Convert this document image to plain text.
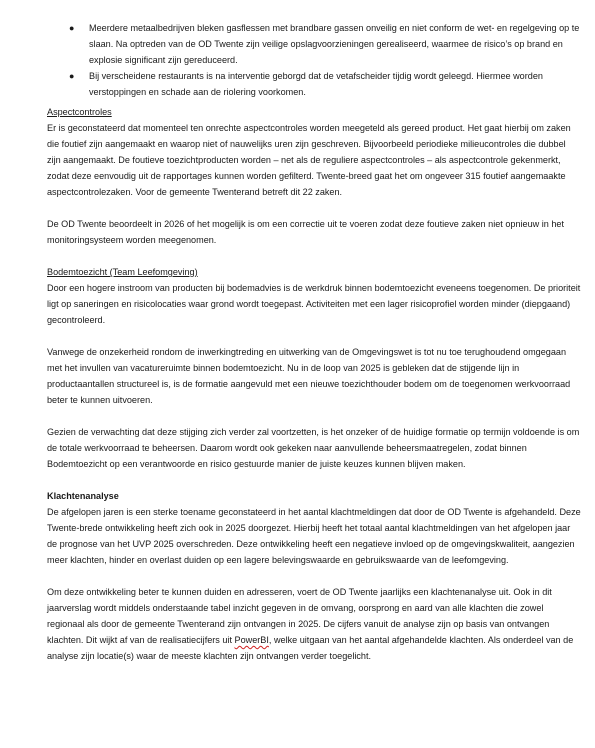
● Meerdere metaalbedrijven bleken gasflessen met brandbare gassen onveilig en niet conform de wet- en regelgeving op te slaan. Na optreden van de OD Twente zijn veilige opslagvoorzieningen gerealiseerd, waarmee de risico’s op brand en explosie significant zijn gereduceerd.
● Bij verscheidene restaurants is na interventie geborgd dat de vetafscheider tijdig wordt geleegd. Hiermee worden verstoppingen en schade aan de riolering voorkomen.

Aspectcontroles

Er is geconstateerd dat momenteel ten onrechte aspectcontroles worden meegeteld als gereed product. Het gaat hierbij om zaken die foutief zijn aangemaakt en waarop niet of nauwelijks uren zijn geschreven. Bijvoorbeeld periodieke milieucontroles die dubbel zijn aangemaakt. De foutieve toezichtproducten worden – net als de reguliere aspectcontroles – als aspectcontrole gekenmerkt, zodat deze eenvoudig uit de rapportages kunnen worden gefilterd. Twente-breed gaat het om ongeveer 315 foutief aangemaakte aspectcontrolezaken. Voor de gemeente Twenterand betreft dit 22 zaken.

De OD Twente beoordeelt in 2026 of het mogelijk is om een correctie uit te voeren zodat deze foutieve zaken niet opnieuw in het monitoringsysteem worden meegenomen.

Bodemtoezicht (Team Leefomgeving)

Door een hogere instroom van producten bij bodemadvies is de werkdruk binnen bodemtoezicht eveneens toegenomen. De prioriteit ligt op saneringen en risicolocaties waar grond wordt toegepast. Activiteiten met een lager risicoprofiel worden minder (diepgaand) gecontroleerd.

Vanwege de onzekerheid rondom de inwerkingtreding en uitwerking van de Omgevingswet is tot nu toe terughoudend omgegaan met het invullen van vacatureruimte binnen bodemtoezicht. Nu in de loop van 2025 is gebleken dat de stijgende lijn in productaantallen structureel is, is de formatie aangevuld met een nieuwe toezichthouder bodem om de toegenomen werkvoorraad beter te kunnen uitvoeren.

Gezien de verwachting dat deze stijging zich verder zal voortzetten, is het onzeker of de huidige formatie op termijn voldoende is om de totale werkvoorraad te beheersen. Daarom wordt ook gekeken naar aanvullende beheersmaatregelen, zodat binnen Bodemtoezicht op een verantwoorde en risico gestuurde manier de juiste keuzes kunnen blijven maken.

Klachtenanalyse

De afgelopen jaren is een sterke toename geconstateerd in het aantal klachtmeldingen dat door de OD Twente is afgehandeld. Deze Twente-brede ontwikkeling heeft zich ook in 2025 doorgezet. Hierbij heeft het totaal aantal klachtmeldingen van het afgelopen jaar de prognose van het UVP 2025 overschreden. Deze ontwikkeling heeft een negatieve invloed op de omgevingskwaliteit, aangezien meer klachten, hinder en overlast duiden op een lagere belevingswaarde en gebruikswaarde van de leefomgeving.

Om deze ontwikkeling beter te kunnen duiden en adresseren, voert de OD Twente jaarlijks een klachtenanalyse uit. Ook in dit jaarverslag wordt middels onderstaande tabel inzicht gegeven in de omvang, oorsprong en aard van alle klachten die zowel regionaal als door de gemeente Twenterand zijn ontvangen in 2025. De cijfers vanuit de analyse zijn op basis van ontvangen klachten. Dit wijkt af van de realisatiecijfers uit PowerBI, welke uitgaan van het aantal afgehandelde klachten. Als onderdeel van de analyse zijn locatie(s) waar de meeste klachten zijn ontvangen verder toegelicht.
